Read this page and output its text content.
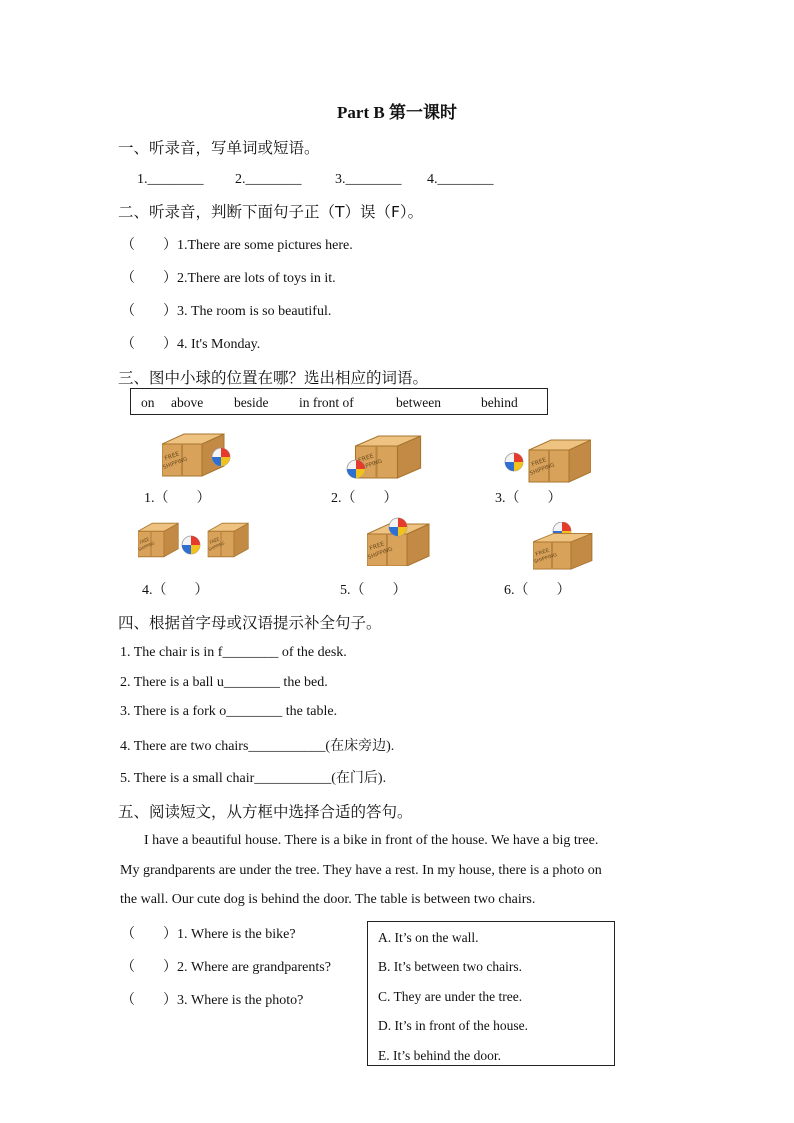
Part B 第一课时
一、听录音，写单词或短语。
1.________ 2.________ 3.________ 4.________
二、听录音，判断下面句子正（T）误（F）。
（　　）1.There are some pictures here.
（　　）2.There are lots of toys in it.
（　　）3. The room is so beautiful.
（　　）4. It's Monday.
三、图中小球的位置在哪？选出相应的词语。
on above beside in front of	between	behind
1.（　　）	2.（　　）	3.（　　）
4.（　　）	5.（　　）	6.（　　）
四、根据首字母或汉语提示补全句子。
1. The chair is in f________ of the desk.
2. There is a ball u________ the bed.
3. There is a fork o________ the table.
4. There are two chairs___________(在床旁边).
5. There is a small chair___________(在门后).
五、阅读短文，从方框中选择合适的答句。
I have a beautiful house. There is a bike in front of the house. We have a big tree.
My grandparents are under the tree. They have a rest. In my house, there is a photo on
the wall. Our cute dog is behind the door. The table is between two chairs.
（　　）1. Where is the bike?
（　　）2. Where are grandparents?
（　　）3. Where is the photo?
A. It’s on the wall.
B. It’s between two chairs.
C. They are under the tree.
D. It’s in front of the house.
E. It’s behind the door.
